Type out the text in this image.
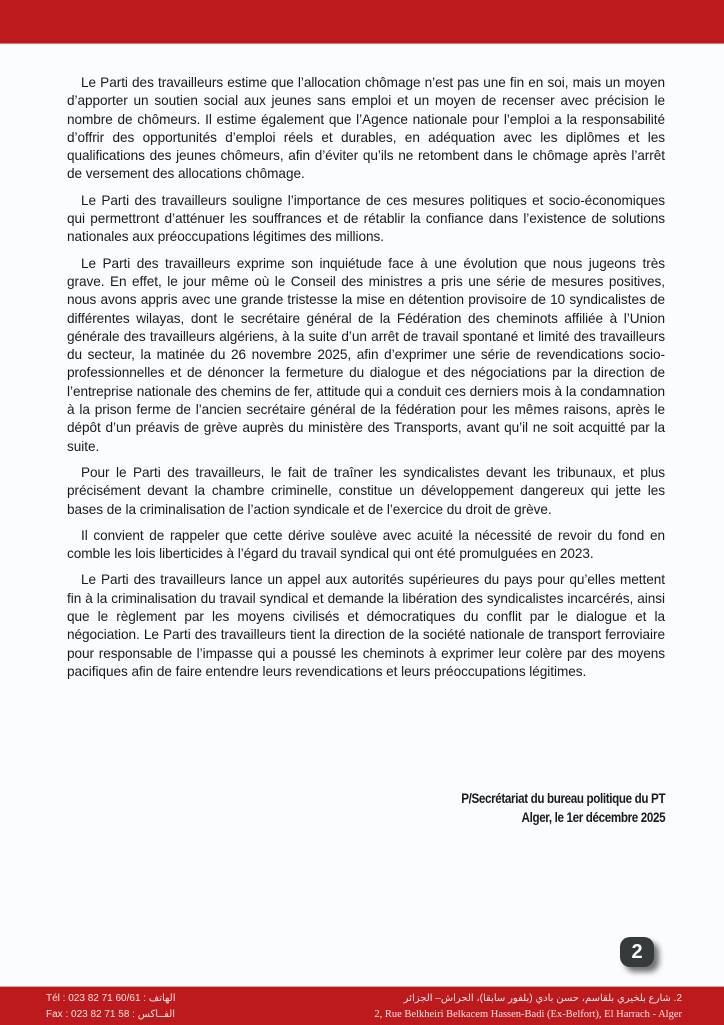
Le Parti des travailleurs estime que l’allocation chômage n’est pas une fin en soi, mais un moyen d’apporter un soutien social aux jeunes sans emploi et un moyen de recenser avec précision le nombre de chômeurs. Il estime également que l’Agence nationale pour l’emploi a la responsabilité d’offrir des opportunités d’emploi réels et durables, en adéquation avec les diplômes et les qualifications des jeunes chômeurs, afin d’éviter qu’ils ne retombent dans le chômage après l’arrêt de versement des allocations chômage.

Le Parti des travailleurs souligne l’importance de ces mesures politiques et socio-économiques qui permettront d’atténuer les souffrances et de rétablir la confiance dans l’existence de solutions nationales aux préoccupations légitimes des millions.

Le Parti des travailleurs exprime son inquiétude face à une évolution que nous jugeons très grave. En effet, le jour même où le Conseil des ministres a pris une série de mesures positives, nous avons appris avec une grande tristesse la mise en détention provisoire de 10 syndicalistes de différentes wilayas, dont le secrétaire général de la Fédération des cheminots affiliée à l’Union générale des travailleurs algériens, à la suite d’un arrêt de travail spontané et limité des travailleurs du secteur, la matinée du 26 novembre 2025, afin d’exprimer une série de revendications socio-professionnelles et de dénoncer la fermeture du dialogue et des négociations par la direction de l’entreprise nationale des chemins de fer, attitude qui a conduit ces derniers mois à la condamnation à la prison ferme de l’ancien secrétaire général de la fédération pour les mêmes raisons, après le dépôt d’un préavis de grève auprès du ministère des Transports, avant qu’il ne soit acquitté par la suite.

Pour le Parti des travailleurs, le fait de traîner les syndicalistes devant les tribunaux, et plus précisément devant la chambre criminelle, constitue un développement dangereux qui jette les bases de la criminalisation de l’action syndicale et de l’exercice du droit de grève.

Il convient de rappeler que cette dérive soulève avec acuité la nécessité de revoir du fond en comble les lois liberticides à l’égard du travail syndical qui ont été promulguées en 2023.

Le Parti des travailleurs lance un appel aux autorités supérieures du pays pour qu’elles mettent fin à la criminalisation du travail syndical et demande la libération des syndicalistes incarcérés, ainsi que le règlement par les moyens civilisés et démocratiques du conflit par le dialogue et la négociation. Le Parti des travailleurs tient la direction de la société nationale de transport ferroviaire pour responsable de l’impasse qui a poussé les cheminots à exprimer leur colère par des moyens pacifiques afin de faire entendre leurs revendications et leurs préoccupations légitimes.

P/Secrétariat du bureau politique du PT
Alger, le 1er décembre 2025
2
Tél : 023 82 71 60/61 : الهاتف
Fax : 023 82 71 58 : الفــاكس
2. شارع بلخيري بلقاسم، حسن بادي (بلفور سابقا)، الحراش– الجزائر
2, Rue Belkheiri Belkacem Hassen-Badi (Ex-Belfort), El Harrach - Alger
